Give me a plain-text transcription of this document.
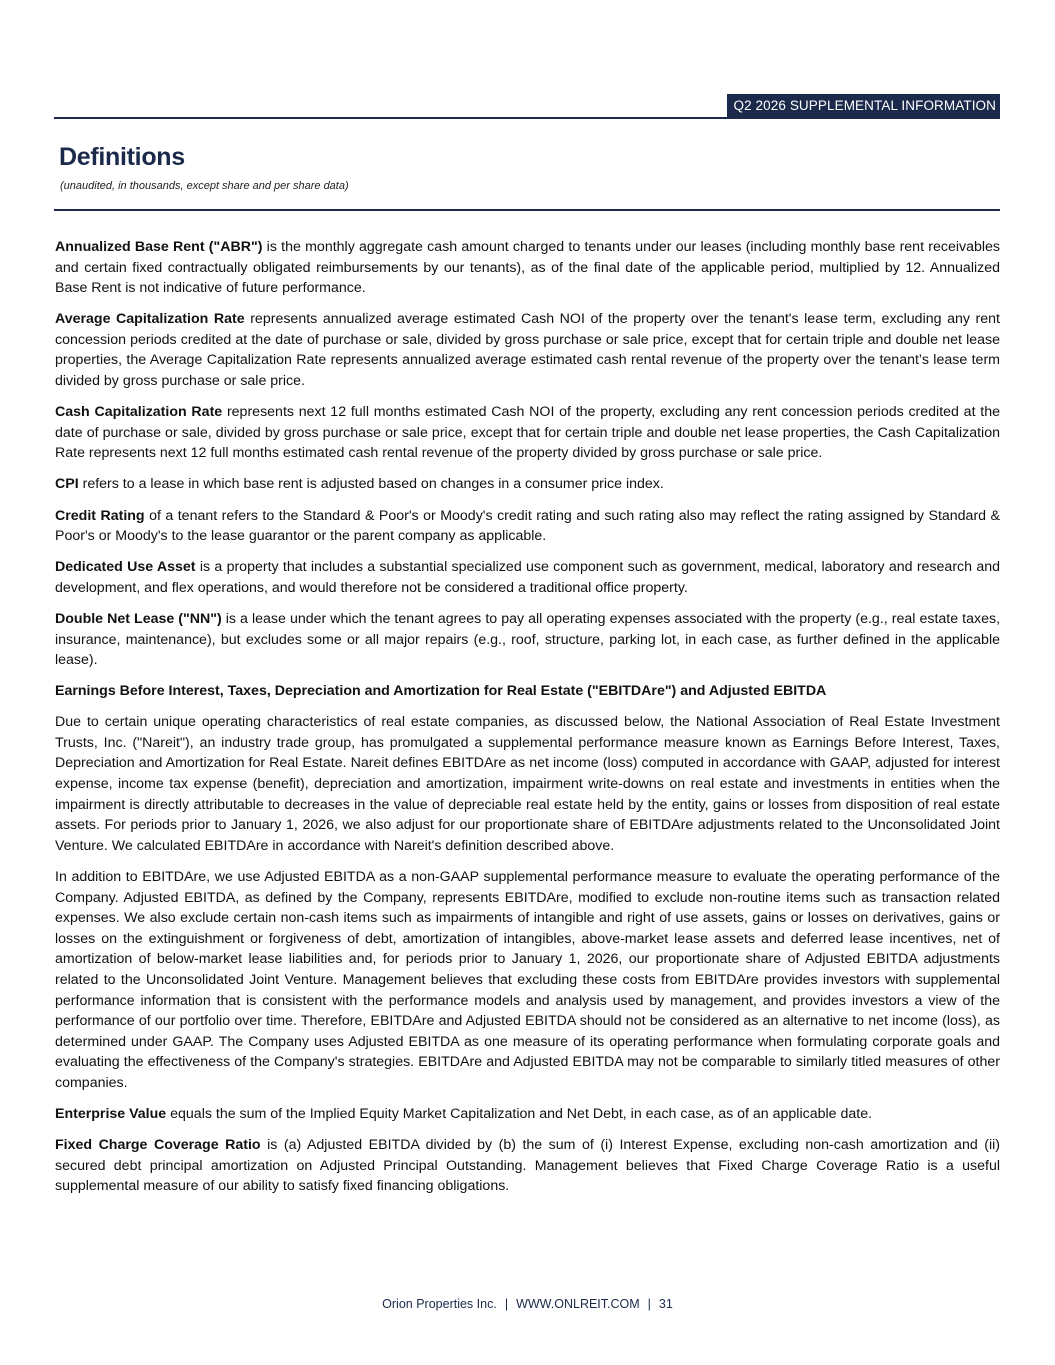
Q2 2026 SUPPLEMENTAL INFORMATION
Definitions
(unaudited, in thousands, except share and per share data)

Annualized Base Rent ("ABR") is the monthly aggregate cash amount charged to tenants under our leases (including monthly base rent receivables and certain fixed contractually obligated reimbursements by our tenants), as of the final date of the applicable period, multiplied by 12. Annualized Base Rent is not indicative of future performance.

Average Capitalization Rate represents annualized average estimated Cash NOI of the property over the tenant's lease term, excluding any rent concession periods credited at the date of purchase or sale, divided by gross purchase or sale price, except that for certain triple and double net lease properties, the Average Capitalization Rate represents annualized average estimated cash rental revenue of the property over the tenant’s lease term divided by gross purchase or sale price.

Cash Capitalization Rate represents next 12 full months estimated Cash NOI of the property, excluding any rent concession periods credited at the date of purchase or sale, divided by gross purchase or sale price, except that for certain triple and double net lease properties, the Cash Capitalization Rate represents next 12 full months estimated cash rental revenue of the property divided by gross purchase or sale price.

CPI refers to a lease in which base rent is adjusted based on changes in a consumer price index.

Credit Rating of a tenant refers to the Standard & Poor's or Moody's credit rating and such rating also may reflect the rating assigned by Standard & Poor's or Moody's to the lease guarantor or the parent company as applicable.

Dedicated Use Asset is a property that includes a substantial specialized use component such as government, medical, laboratory and research and development, and flex operations, and would therefore not be considered a traditional office property.

Double Net Lease ("NN") is a lease under which the tenant agrees to pay all operating expenses associated with the property (e.g., real estate taxes, insurance, maintenance), but excludes some or all major repairs (e.g., roof, structure, parking lot, in each case, as further defined in the applicable lease).

Earnings Before Interest, Taxes, Depreciation and Amortization for Real Estate ("EBITDAre") and Adjusted EBITDA

Due to certain unique operating characteristics of real estate companies, as discussed below, the National Association of Real Estate Investment Trusts, Inc. ("Nareit"), an industry trade group, has promulgated a supplemental performance measure known as Earnings Before Interest, Taxes, Depreciation and Amortization for Real Estate. Nareit defines EBITDAre as net income (loss) computed in accordance with GAAP, adjusted for interest expense, income tax expense (benefit), depreciation and amortization, impairment write-downs on real estate and investments in entities when the impairment is directly attributable to decreases in the value of depreciable real estate held by the entity, gains or losses from disposition of real estate assets. For periods prior to January 1, 2026, we also adjust for our proportionate share of EBITDAre adjustments related to the Unconsolidated Joint Venture. We calculated EBITDAre in accordance with Nareit's definition described above.

In addition to EBITDAre, we use Adjusted EBITDA as a non-GAAP supplemental performance measure to evaluate the operating performance of the Company. Adjusted EBITDA, as defined by the Company, represents EBITDAre, modified to exclude non-routine items such as transaction related expenses. We also exclude certain non-cash items such as impairments of intangible and right of use assets, gains or losses on derivatives, gains or losses on the extinguishment or forgiveness of debt, amortization of intangibles, above-market lease assets and deferred lease incentives, net of amortization of below-market lease liabilities and, for periods prior to January 1, 2026, our proportionate share of Adjusted EBITDA adjustments related to the Unconsolidated Joint Venture. Management believes that excluding these costs from EBITDAre provides investors with supplemental performance information that is consistent with the performance models and analysis used by management, and provides investors a view of the performance of our portfolio over time. Therefore, EBITDAre and Adjusted EBITDA should not be considered as an alternative to net income (loss), as determined under GAAP. The Company uses Adjusted EBITDA as one measure of its operating performance when formulating corporate goals and evaluating the effectiveness of the Company's strategies. EBITDAre and Adjusted EBITDA may not be comparable to similarly titled measures of other companies.

Enterprise Value equals the sum of the Implied Equity Market Capitalization and Net Debt, in each case, as of an applicable date.

Fixed Charge Coverage Ratio is (a) Adjusted EBITDA divided by (b) the sum of (i) Interest Expense, excluding non-cash amortization and (ii) secured debt principal amortization on Adjusted Principal Outstanding. Management believes that Fixed Charge Coverage Ratio is a useful supplemental measure of our ability to satisfy fixed financing obligations.

Orion Properties Inc. | WWW.ONLREIT.COM | 31
